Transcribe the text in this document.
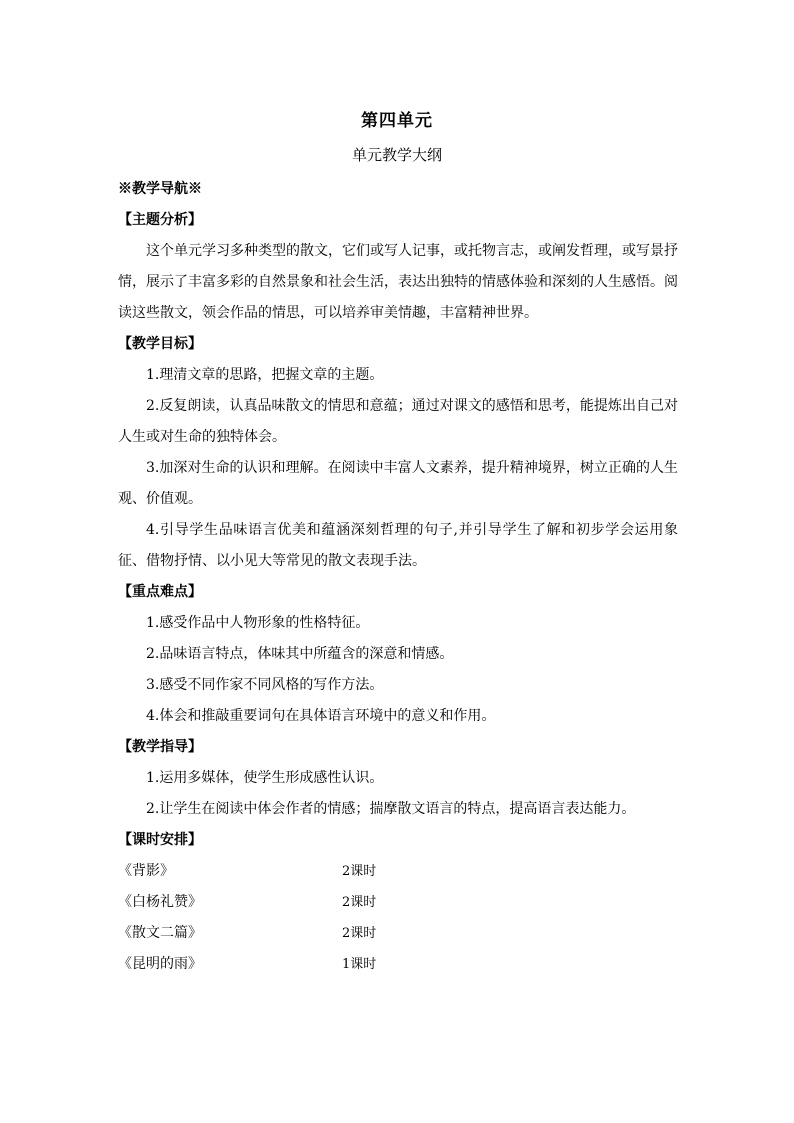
第四单元
单元教学大纲
※教学导航※
【主题分析】

这个单元学习多种类型的散文，它们或写人记事，或托物言志，或阐发哲理，或写景抒情，展示了丰富多彩的自然景象和社会生活，表达出独特的情感体验和深刻的人生感悟。阅读这些散文，领会作品的情思，可以培养审美情趣，丰富精神世界。

【教学目标】

1.理清文章的思路，把握文章的主题。

2.反复朗读，认真品味散文的情思和意蕴；通过对课文的感悟和思考，能提炼出自己对人生或对生命的独特体会。

3.加深对生命的认识和理解。在阅读中丰富人文素养，提升精神境界，树立正确的人生观、价值观。

4.引导学生品味语言优美和蕴涵深刻哲理的句子,并引导学生了解和初步学会运用象征、借物抒情、以小见大等常见的散文表现手法。

【重点难点】

1.感受作品中人物形象的性格特征。

2.品味语言特点，体味其中所蕴含的深意和情感。

3.感受不同作家不同风格的写作方法。

4.体会和推敲重要词句在具体语言环境中的意义和作用。

【教学指导】

1.运用多媒体，使学生形成感性认识。

2.让学生在阅读中体会作者的情感；揣摩散文语言的特点，提高语言表达能力。

【课时安排】
《背影》	2课时
《白杨礼赞》	2课时
《散文二篇》	2课时
《昆明的雨》	1课时
